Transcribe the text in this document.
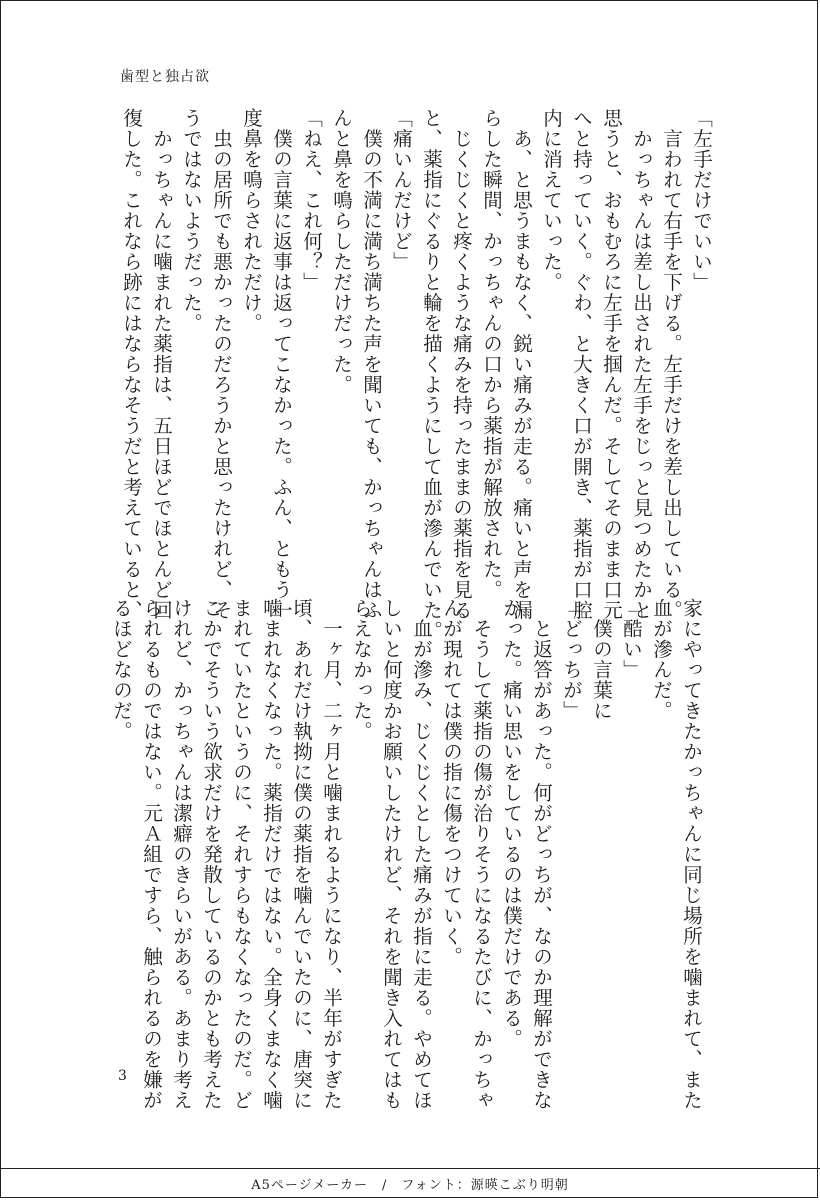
歯型と独占欲

「左手だけでいい」

　言われて右手を下げる。左手だけを差し出している。

　かっちゃんは差し出された左手をじっと見つめたかと

思うと、おもむろに左手を掴んだ。そしてそのまま口元

へと持っていく。ぐわ、と大きく口が開き、薬指が口腔

内に消えていった。

　あ、と思うまもなく、鋭い痛みが走る。痛いと声を漏

らした瞬間、かっちゃんの口から薬指が解放された。

　じくじくと疼くような痛みを持ったままの薬指を見る

と、薬指にぐるりと輪を描くようにして血が滲んでいた。

「痛いんだけど」

　僕の不満に満ち満ちた声を聞いても、かっちゃんはふ

んと鼻を鳴らしただけだった。

「ねえ、これ何？」

　僕の言葉に返事は返ってこなかった。ふん、ともう一

度鼻を鳴らされただけ。

　虫の居所でも悪かったのだろうかと思ったけれど、そ

うではないようだった。

　かっちゃんに噛まれた薬指は、五日ほどでほとんど回

復した。これなら跡にはならなそうだと考えていると、

家にやってきたかっちゃんに同じ場所を噛まれて、また

血が滲んだ。

「酷い」

　僕の言葉に

「どっちが」

　と返答があった。何がどっちが、なのか理解ができな

かった。痛い思いをしているのは僕だけである。

　そうして薬指の傷が治りそうになるたびに、かっちゃ

んが現れては僕の指に傷をつけていく。

　血が滲み、じくじくとした痛みが指に走る。やめてほ

しいと何度かお願いしたけれど、それを聞き入れてはも

らえなかった。

　一ヶ月、二ヶ月と噛まれるようになり、半年がすぎた

頃、あれだけ執拗に僕の薬指を噛んでいたのに、唐突に

噛まれなくなった。薬指だけではない。全身くまなく噛

まれていたというのに、それすらもなくなったのだ。ど

こかでそういう欲求だけを発散しているのかとも考えた

けれど、かっちゃんは潔癖のきらいがある。あまり考え

られるものではない。元Ａ組ですら、触られるのを嫌が

るほどなのだ。

3
A5ページメーカー　/　フォント：源暎こぶり明朝
